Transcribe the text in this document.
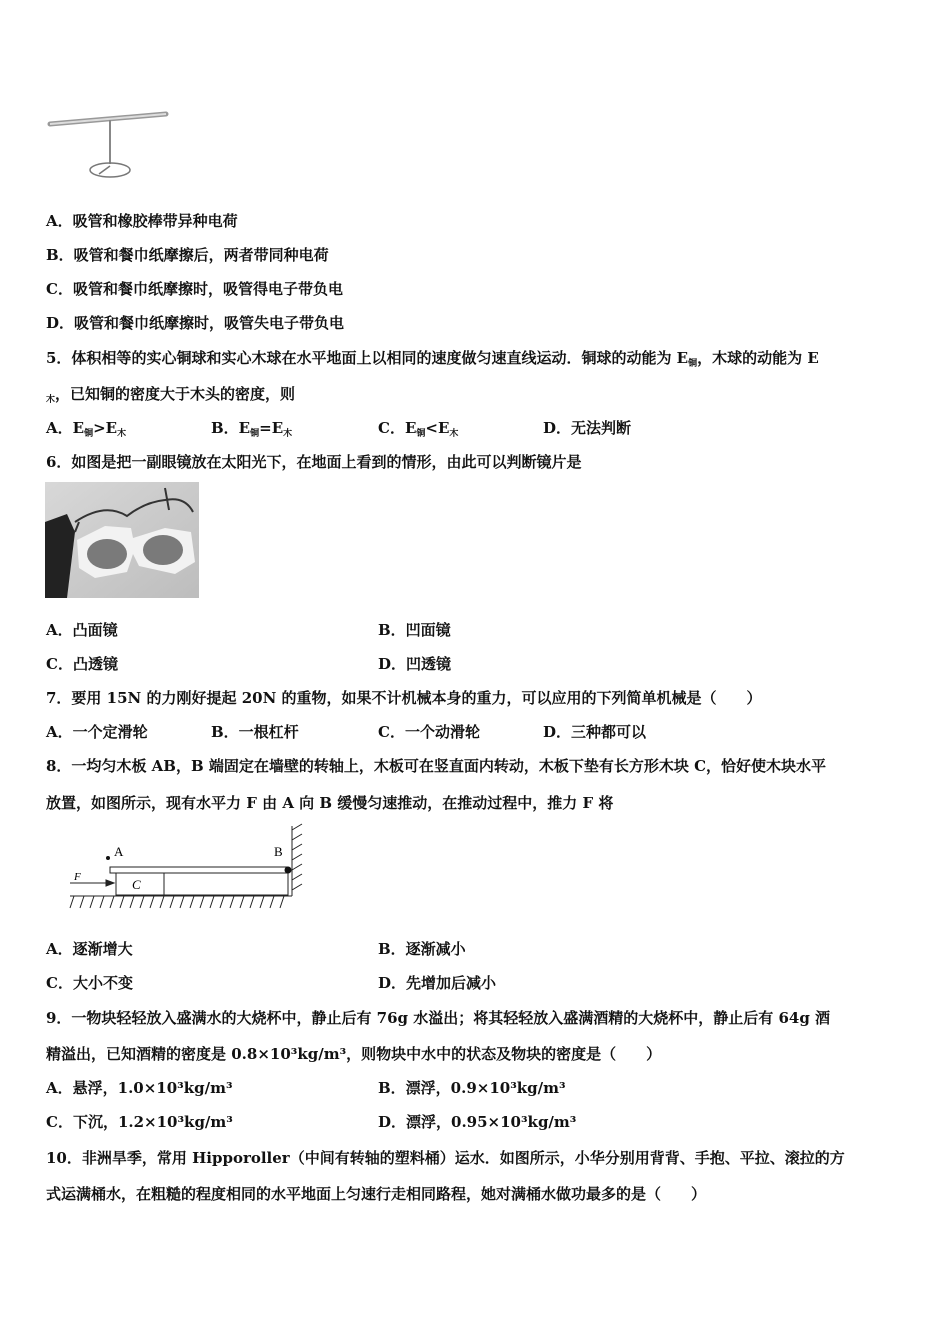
A．吸管和橡胶棒带异种电荷
B．吸管和餐巾纸摩擦后，两者带同种电荷
C．吸管和餐巾纸摩擦时，吸管得电子带负电
D．吸管和餐巾纸摩擦时，吸管失电子带负电
5．体积相等的实心铜球和实心木球在水平地面上以相同的速度做匀速直线运动．铜球的动能为 $E_铜$，木球的动能为 E
$_木$，已知铜的密度大于木头的密度，则
A．$E_铜>E_木$	B．$E_铜=E_木$	C．$E_铜<E_木$	D．无法判断
6．如图是把一副眼镜放在太阳光下，在地面上看到的情形，由此可以判断镜片是
A．凸面镜	B．凹面镜
C．凸透镜	D．凹透镜
7．要用 15N 的力刚好提起 20N 的重物，如果不计机械本身的重力，可以应用的下列简单机械是（　　）
A．一个定滑轮	B．一根杠杆	C．一个动滑轮	D．三种都可以
8．一均匀木板 AB，B 端固定在墙壁的转轴上，木板可在竖直面内转动，木板下垫有长方形木块 C，恰好使木块水平
放置，如图所示，现有水平力 F 由 A 向 B 缓慢匀速推动，在推动过程中，推力 F 将
A	B
C
F
A．逐渐增大	B．逐渐减小
C．大小不变	D．先增加后减小
9．一物块轻轻放入盛满水的大烧杯中，静止后有 76g 水溢出；将其轻轻放入盛满酒精的大烧杯中，静止后有 64g 酒
精溢出，已知酒精的密度是 0.8×10³kg/m³，则物块中水中的状态及物块的密度是（　　）
A．悬浮，1.0×10³kg/m³	B．漂浮，0.9×10³kg/m³
C．下沉，1.2×10³kg/m³	D．漂浮，0.95×10³kg/m³
10．非洲旱季，常用 Hipporoller（中间有转轴的塑料桶）运水．如图所示，小华分别用背背、手抱、平拉、滚拉的方
式运满桶水，在粗糙的程度相同的水平地面上匀速行走相同路程，她对满桶水做功最多的是（　　）
